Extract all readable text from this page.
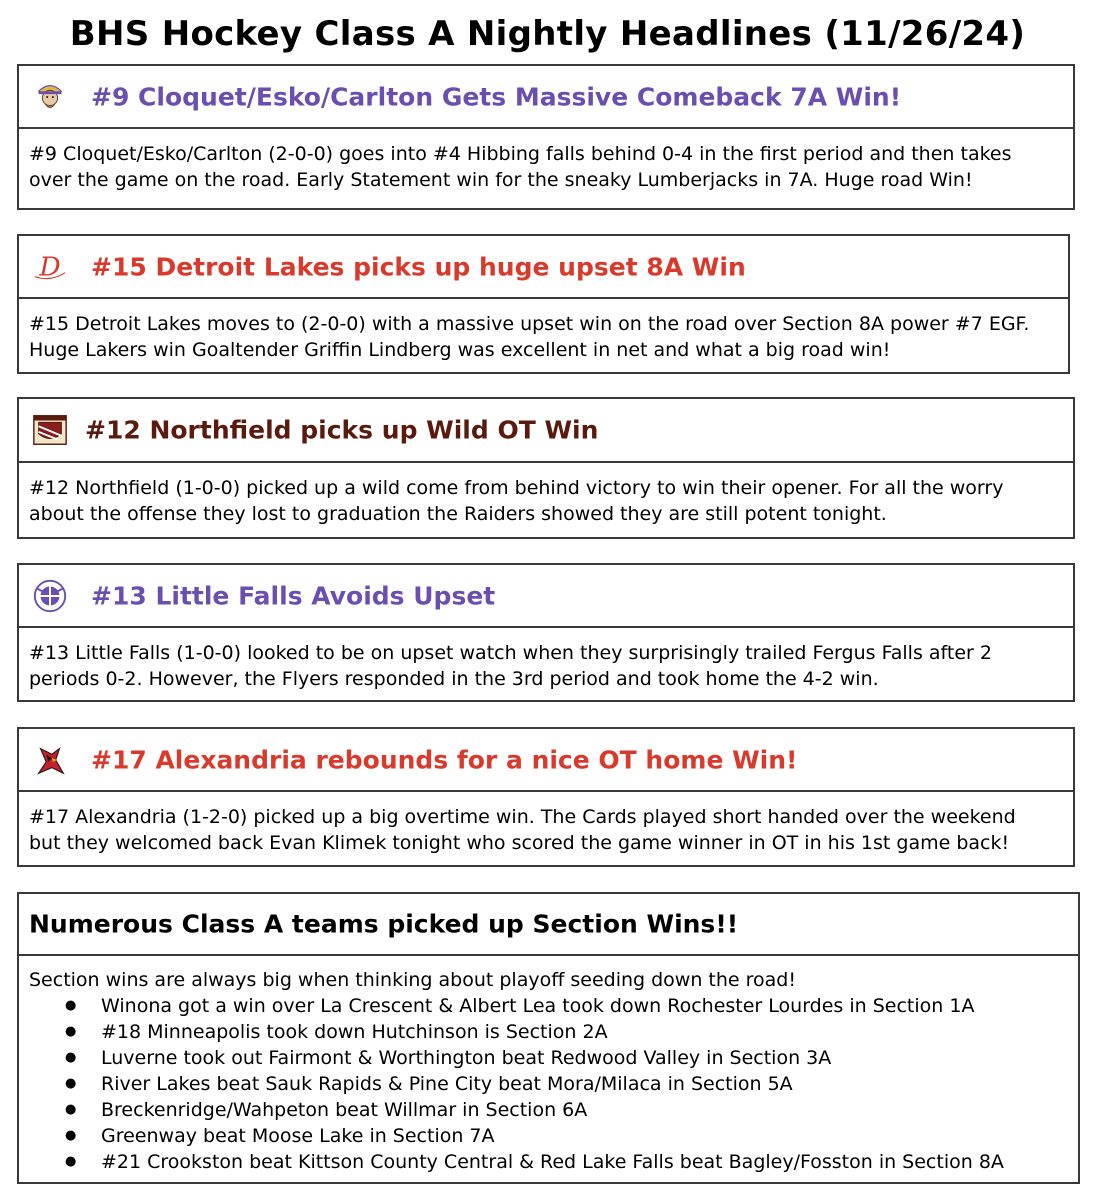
BHS Hockey Class A Nightly Headlines (11/26/24)
#9 Cloquet/Esko/Carlton Gets Massive Comeback 7A Win!

#9 Cloquet/Esko/Carlton (2-0-0) goes into #4 Hibbing falls behind 0-4 in the first period and then takes

over the game on the road. Early Statement win for the sneaky Lumberjacks in 7A. Huge road Win!

D #15 Detroit Lakes picks up huge upset 8A Win

#15 Detroit Lakes moves to (2-0-0) with a massive upset win on the road over Section 8A power #7 EGF.

Huge Lakers win Goaltender Griffin Lindberg was excellent in net and what a big road win!

#12 Northfield picks up Wild OT Win

#12 Northfield (1-0-0) picked up a wild come from behind victory to win their opener. For all the worry

about the offense they lost to graduation the Raiders showed they are still potent tonight.

#13 Little Falls Avoids Upset

#13 Little Falls (1-0-0) looked to be on upset watch when they surprisingly trailed Fergus Falls after 2

periods 0-2. However, the Flyers responded in the 3rd period and took home the 4-2 win.

#17 Alexandria rebounds for a nice OT home Win!

#17 Alexandria (1-2-0) picked up a big overtime win. The Cards played short handed over the weekend

but they welcomed back Evan Klimek tonight who scored the game winner in OT in his 1st game back!

Numerous Class A teams picked up Section Wins!!

Section wins are always big when thinking about playoff seeding down the road!

● Winona got a win over La Crescent & Albert Lea took down Rochester Lourdes in Section 1A
● #18 Minneapolis took down Hutchinson is Section 2A
● Luverne took out Fairmont & Worthington beat Redwood Valley in Section 3A
● River Lakes beat Sauk Rapids & Pine City beat Mora/Milaca in Section 5A
● Breckenridge/Wahpeton beat Willmar in Section 6A
● Greenway beat Moose Lake in Section 7A
● #21 Crookston beat Kittson County Central & Red Lake Falls beat Bagley/Fosston in Section 8A
